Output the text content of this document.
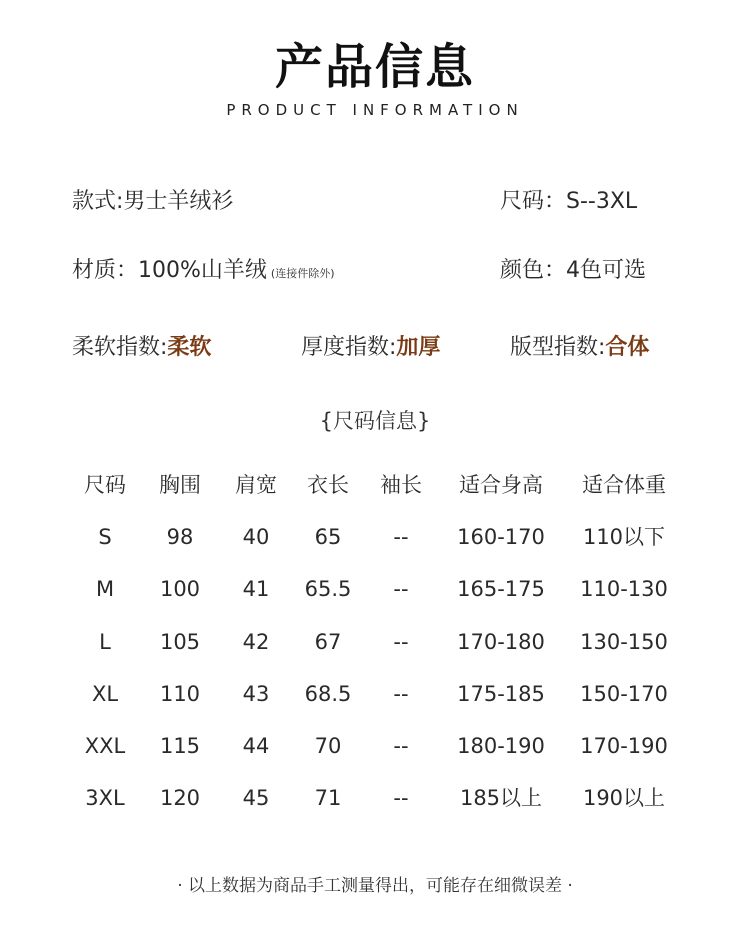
产品信息
PRODUCT INFORMATION
款式:男士羊绒衫	尺码：S--3XL
材质：100%山羊绒 (连接件除外)	颜色：4色可选
柔软指数:柔软	厚度指数:加厚	版型指数:合体
{尺码信息}
尺码 胸围 肩宽 衣长 袖长 适合身高 适合体重
S	98 40 65 -- 160-170 110以下
M 100 41 65.5 -- 165-175 110-130
L 105 42 67 -- 170-180 130-150
XL 110 43 68.5 -- 175-185 150-170
XXL 115 44 70 -- 180-190 170-190
3XL 120 45 71 -- 185以上 190以上
· 以上数据为商品手工测量得出，可能存在细微误差 ·
